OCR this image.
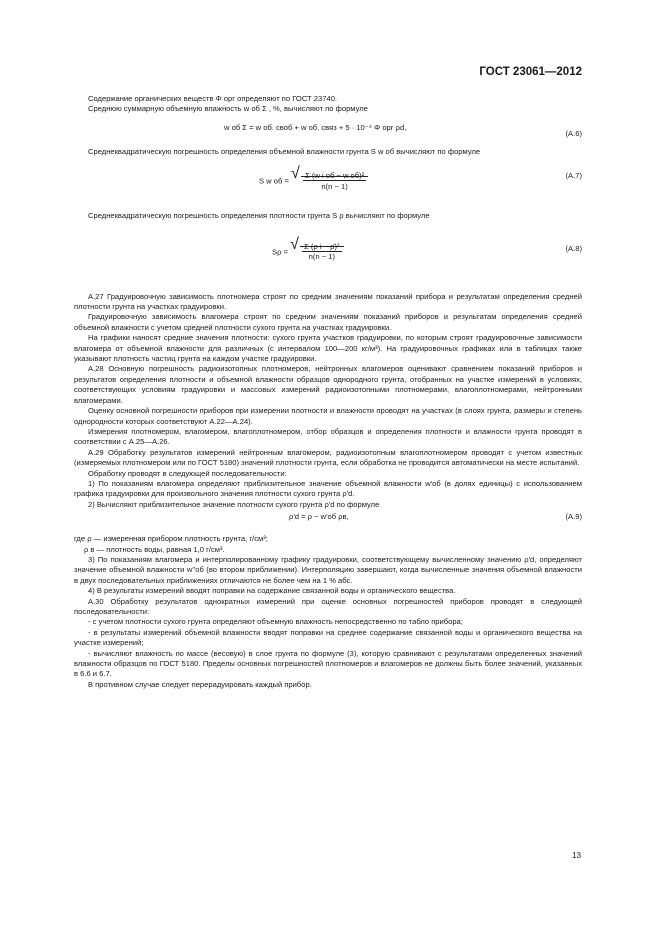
ГОСТ 23061—2012

Содержание органических веществ Φ орг определяют по ГОСТ 23740.

Среднюю суммарную объемную влажность w об Σ , %, вычисляют по формуле

w об Σ = w об. своб + w об. связ + 5 · 10⁻⁴ Φ орг ρd,
(А.6)

Среднеквадратическую погрешность определения объемной влажности грунта S w об вычисляют по формуле

S w об = √ $\frac{\text{Σ (w i об − w об)²}}{n(n - 1)}$	(А.7)

Среднеквадратическую погрешность определения плотности грунта S ρ вычисляют по формуле

Sρ = √ $\frac{\text{Σ (ρ i − ρ̄)²}}{n(n - 1)}$	(А.8)

А.27 Градуировочную зависимость плотномера строят по средним значениям показаний прибора и результатам определения средней плотности грунта на участках градуировки.

Градуировочную зависимость влагомера строят по средним значениям показаний приборов и результатам определения средней объемной влажности с учетом средней плотности сухого грунта на участках градуировки.

На графики наносят средние значения плотности: сухого грунта участков градуировки, по которым строят градуировочные зависимости влагомера от объемной влажности для различных (с интервалом 100—200 кг/м³). На градуировочных графиках или в таблицах также указывают плотность частиц грунта на каждом участке градуировки.

А.28 Основную погрешность радиоизотопных плотномеров, нейтронных влагомеров оценивают сравнением показаний приборов и результатов определения плотности и объемной влажности образцов однородного грунта, отобранных на участке измерений в условиях, соответствующих условиям градуировки и массовых измерений радиоизотопными плотномерами, влагоплотномерами, нейтронными влагомерами.

Оценку основной погрешности приборов при измерении плотности и влажности проводят на участках (в слоях грунта, размеры и степень однородности которых соответствуют А.22—А.24).

Измерения плотномером, влагомером, влагоплотномером, отбор образцов и определения плотности и влажности грунта проводят в соответствии с А.25—А.26.

А.29 Обработку результатов измерений нейтронным влагомером, радиоизотопным влагоплотномером проводят с учетом известных (измеряемых плотномером или по ГОСТ 5180) значений плотности грунта, если обработка не проводится автоматически на месте испытаний.

Обработку проводят в следующей последовательности:

1) По показаниям влагомера определяют приблизительное значение объемной влажности w'об (в долях единицы) с использованием графика градуировки для произвольного значения плотности сухого грунта ρ'd.

2) Вычисляют приблизительное значение плотности сухого грунта ρ'd по формуле

ρ'd = ρ − w'об ρв,	(А.9)

где ρ — измеренная прибором плотность грунта, г/см³;

ρ в — плотность воды, равная 1,0 г/см³.

3) По показаниям влагомера и интерполированному графику градуировки, соответствующему вычисленному значению ρ'd, определяют значение объемной влажности w''об (во втором приближении). Интерполяцию завершают, когда вычисленные значения объемной влажности в двух последовательных приближениях отличаются не более чем на 1 % абс.

4) В результаты измерений вводят поправки на содержание связанной воды и органического вещества.

А.30 Обработку результатов однократных измерений при оценке основных погрешностей приборов проводят в следующей последовательности:

- с учетом плотности сухого грунта определяют объемную влажность непосредственно по табло прибора;

- в результаты измерений объемной влажности вводят поправки на среднее содержание связанной воды и органического вещества на участке измерений;

- вычисляют влажность по массе (весовую) в слое грунта по формуле (3), которую сравнивают с результатами определенных значений влажности образцов по ГОСТ 5180. Пределы основных погрешностей плотномеров и влагомеров не должны быть более значений, указанных в 6.6 и 6.7.

В противном случае следует перерадуировать каждый прибор.

13
